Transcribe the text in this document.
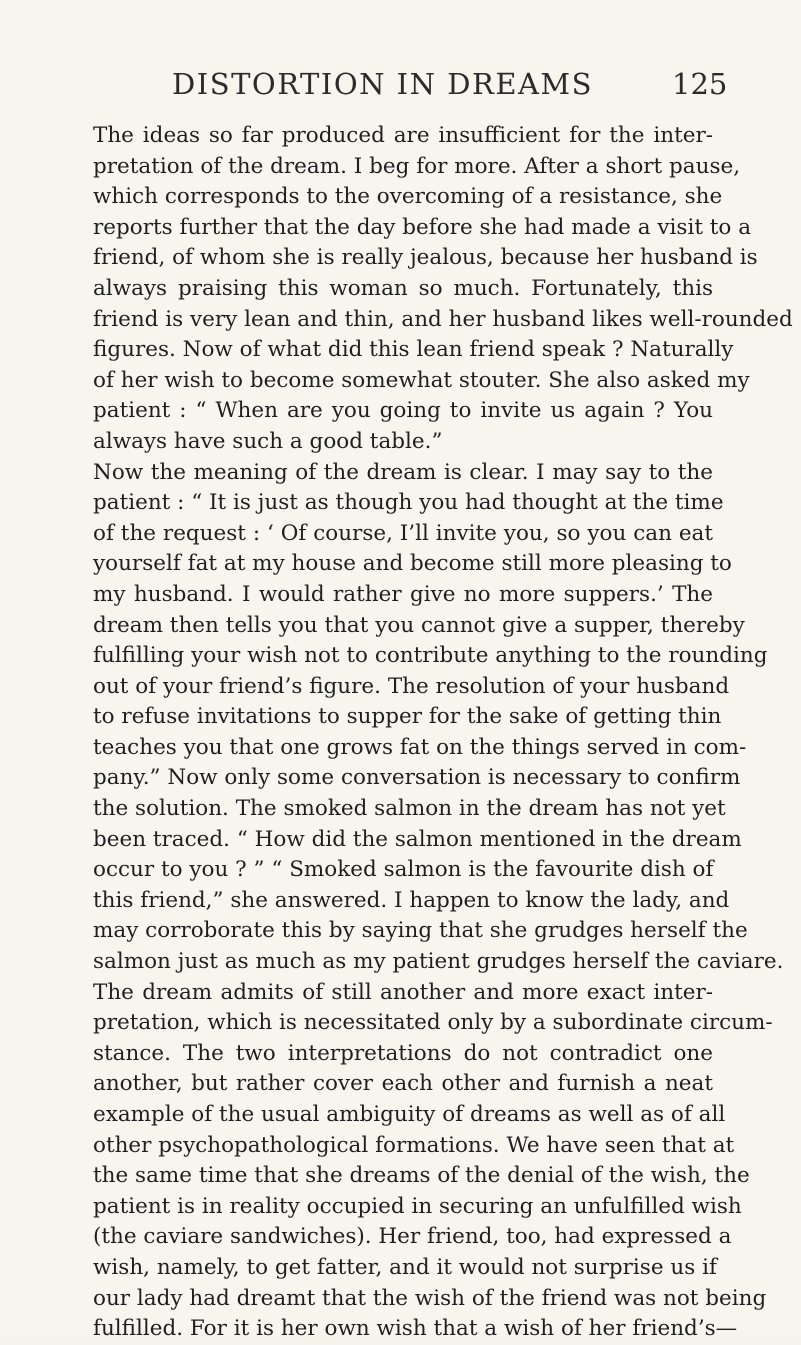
DISTORTION IN DREAMS	125
The ideas so far produced are insufficient for the inter-
pretation of the dream. I beg for more. After a short pause,
which corresponds to the overcoming of a resistance, she
reports further that the day before she had made a visit to a
friend, of whom she is really jealous, because her husband is
always praising this woman so much. Fortunately, this
friend is very lean and thin, and her husband likes well-rounded
figures. Now of what did this lean friend speak ? Naturally
of her wish to become somewhat stouter. She also asked my
patient : “ When are you going to invite us again ? You
always have such a good table.”
Now the meaning of the dream is clear. I may say to the
patient : “ It is just as though you had thought at the time
of the request : ‘ Of course, I’ll invite you, so you can eat
yourself fat at my house and become still more pleasing to
my husband. I would rather give no more suppers.’ The
dream then tells you that you cannot give a supper, thereby
fulfilling your wish not to contribute anything to the rounding
out of your friend’s figure. The resolution of your husband
to refuse invitations to supper for the sake of getting thin
teaches you that one grows fat on the things served in com-
pany.” Now only some conversation is necessary to confirm
the solution. The smoked salmon in the dream has not yet
been traced. “ How did the salmon mentioned in the dream
occur to you ? ” “ Smoked salmon is the favourite dish of
this friend,” she answered. I happen to know the lady, and
may corroborate this by saying that she grudges herself the
salmon just as much as my patient grudges herself the caviare.
The dream admits of still another and more exact inter-
pretation, which is necessitated only by a subordinate circum-
stance. The two interpretations do not contradict one
another, but rather cover each other and furnish a neat
example of the usual ambiguity of dreams as well as of all
other psychopathological formations. We have seen that at
the same time that she dreams of the denial of the wish, the
patient is in reality occupied in securing an unfulfilled wish
(the caviare sandwiches). Her friend, too, had expressed a
wish, namely, to get fatter, and it would not surprise us if
our lady had dreamt that the wish of the friend was not being
fulfilled. For it is her own wish that a wish of her friend’s—
